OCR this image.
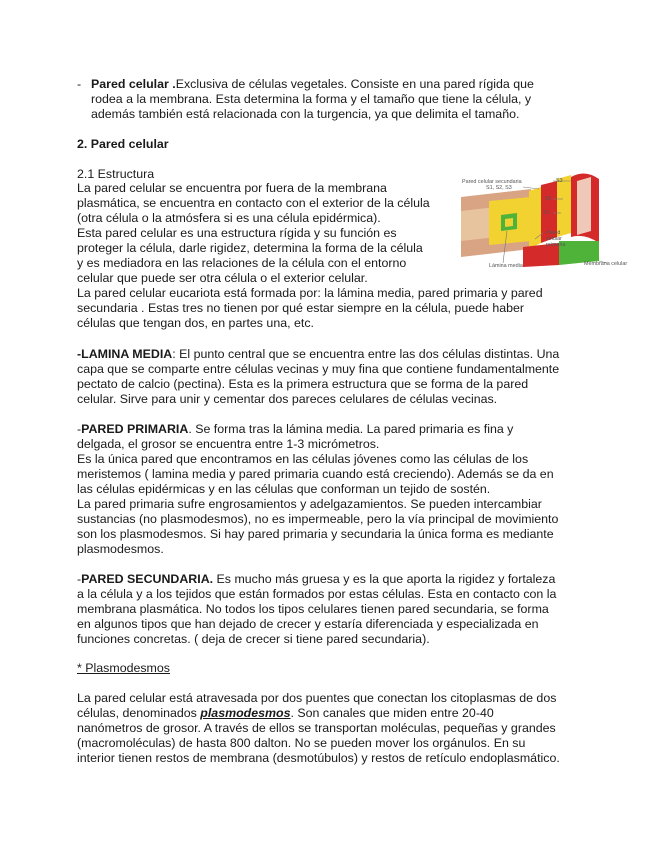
- Pared celular .Exclusiva de células vegetales. Consiste en una pared rígida que
rodea a la membrana. Esta determina la forma y el tamaño que tiene la célula, y
además también está relacionada con la turgencia, ya que delimita el tamaño.
2. Pared celular
2.1 Estructura
La pared celular se encuentra por fuera de la membrana
plasmática, se encuentra en contacto con el exterior de la célula
(otra célula o la atmósfera si es una célula epidérmica).
Esta pared celular es una estructura rígida y su función es
proteger la célula, darle rigidez, determina la forma de la célula
y es mediadora en las relaciones de la célula con el entorno
celular que puede ser otra célula o el exterior celular.
La pared celular eucariota está formada por: la lámina media, pared primaria y pared
secundaria . Estas tres no tienen por qué estar siempre en la célula, puede haber
células que tengan dos, en partes una, etc.
Pared celular secundaria
S1, S2, S3
S3
S2
S1
Pared
celular
primaria
Lámina media	Membrana celular
-LAMINA MEDIA: El punto central que se encuentra entre las dos células distintas. Una
capa que se comparte entre células vecinas y muy fina que contiene fundamentalmente
pectato de calcio (pectina). Esta es la primera estructura que se forma de la pared
celular. Sirve para unir y cementar dos pareces celulares de células vecinas.
-PARED PRIMARIA. Se forma tras la lámina media. La pared primaria es fina y
delgada, el grosor se encuentra entre 1-3 micrómetros.
Es la única pared que encontramos en las células jóvenes como las células de los
meristemos ( lamina media y pared primaria cuando está creciendo). Además se da en
las células epidérmicas y en las células que conforman un tejido de sostén.
La pared primaria sufre engrosamientos y adelgazamientos. Se pueden intercambiar
sustancias (no plasmodesmos), no es impermeable, pero la vía principal de movimiento
son los plasmodesmos. Si hay pared primaria y secundaria la única forma es mediante
plasmodesmos.
-PARED SECUNDARIA. Es mucho más gruesa y es la que aporta la rigidez y fortaleza
a la célula y a los tejidos que están formados por estas células. Esta en contacto con la
membrana plasmática. No todos los tipos celulares tienen pared secundaria, se forma
en algunos tipos que han dejado de crecer y estaría diferenciada y especializada en
funciones concretas. ( deja de crecer si tiene pared secundaria).
* Plasmodesmos
La pared celular está atravesada por dos puentes que conectan los citoplasmas de dos
células, denominados plasmodesmos. Son canales que miden entre 20-40
nanómetros de grosor. A través de ellos se transportan moléculas, pequeñas y grandes
(macromoléculas) de hasta 800 dalton. No se pueden mover los orgánulos. En su
interior tienen restos de membrana (desmotúbulos) y restos de retículo endoplasmático.
